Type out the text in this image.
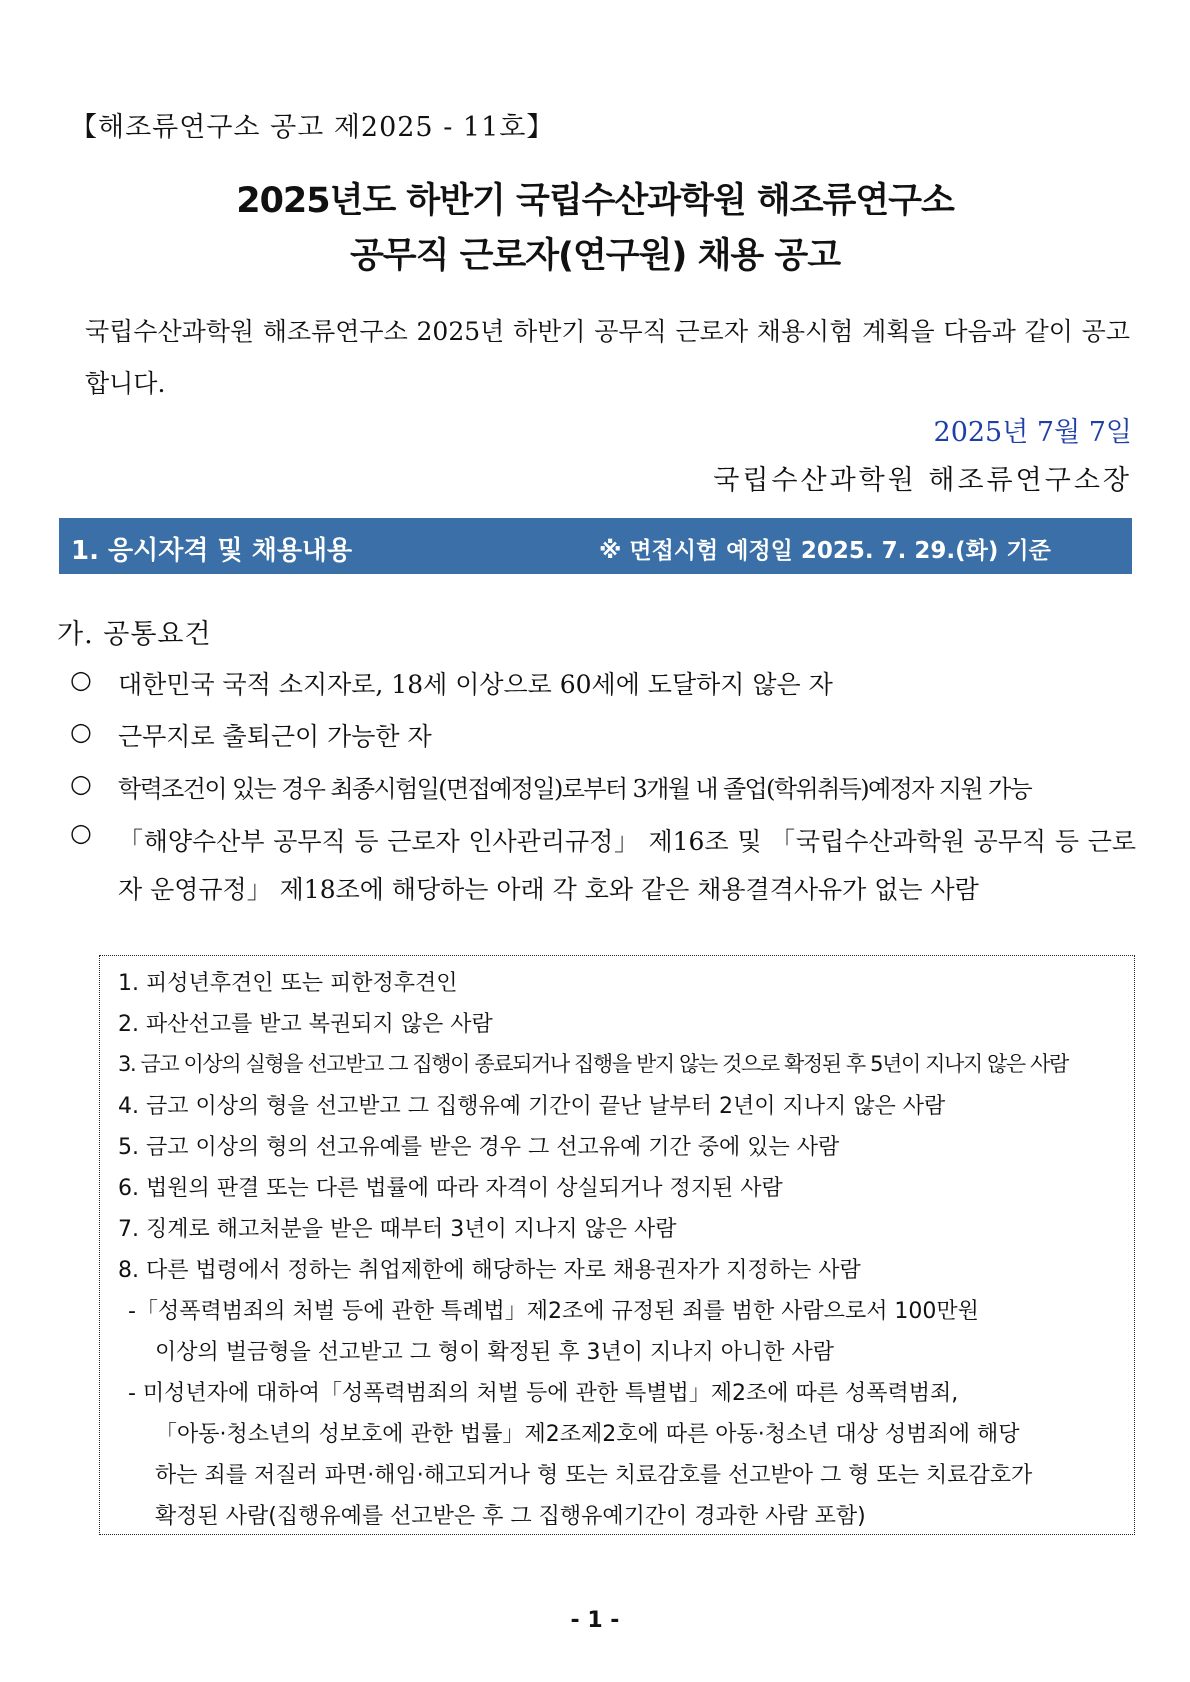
【해조류연구소 공고 제2025 - 11호】
2025년도 하반기 국립수산과학원 해조류연구소
공무직 근로자(연구원) 채용 공고
국립수산과학원 해조류연구소 2025년 하반기 공무직 근로자 채용시험 계획을 다음과 같이 공고합니다.
2025년 7월 7일
국립수산과학원 해조류연구소장
1. 응시자격 및 채용내용	※ 면접시험 예정일 2025. 7. 29.(화) 기준
가. 공통요건
○ 대한민국 국적 소지자로, 18세 이상으로 60세에 도달하지 않은 자
○ 근무지로 출퇴근이 가능한 자
○ 학력조건이 있는 경우 최종시험일(면접예정일)로부터 3개월 내 졸업(학위취득)예정자 지원 가능
○ 「해양수산부 공무직 등 근로자 인사관리규정」 제16조 및 「국립수산과학원 공무직 등 근로자 운영규정」 제18조에 해당하는 아래 각 호와 같은 채용결격사유가 없는 사람
1. 피성년후견인 또는 피한정후견인
2. 파산선고를 받고 복권되지 않은 사람
3. 금고 이상의 실형을 선고받고 그 집행이 종료되거나 집행을 받지 않는 것으로 확정된 후 5년이 지나지 않은 사람
4. 금고 이상의 형을 선고받고 그 집행유예 기간이 끝난 날부터 2년이 지나지 않은 사람
5. 금고 이상의 형의 선고유예를 받은 경우 그 선고유예 기간 중에 있는 사람
6. 법원의 판결 또는 다른 법률에 따라 자격이 상실되거나 정지된 사람
7. 징계로 해고처분을 받은 때부터 3년이 지나지 않은 사람
8. 다른 법령에서 정하는 취업제한에 해당하는 자로 채용권자가 지정하는 사람
-「성폭력범죄의 처벌 등에 관한 특례법」제2조에 규정된 죄를 범한 사람으로서 100만원
이상의 벌금형을 선고받고 그 형이 확정된 후 3년이 지나지 아니한 사람
- 미성년자에 대하여「성폭력범죄의 처벌 등에 관한 특별법」제2조에 따른 성폭력범죄,
「아동·청소년의 성보호에 관한 법률」제2조제2호에 따른 아동·청소년 대상 성범죄에 해당
하는 죄를 저질러 파면·해임·해고되거나 형 또는 치료감호를 선고받아 그 형 또는 치료감호가
확정된 사람(집행유예를 선고받은 후 그 집행유예기간이 경과한 사람 포함)
- 1 -
